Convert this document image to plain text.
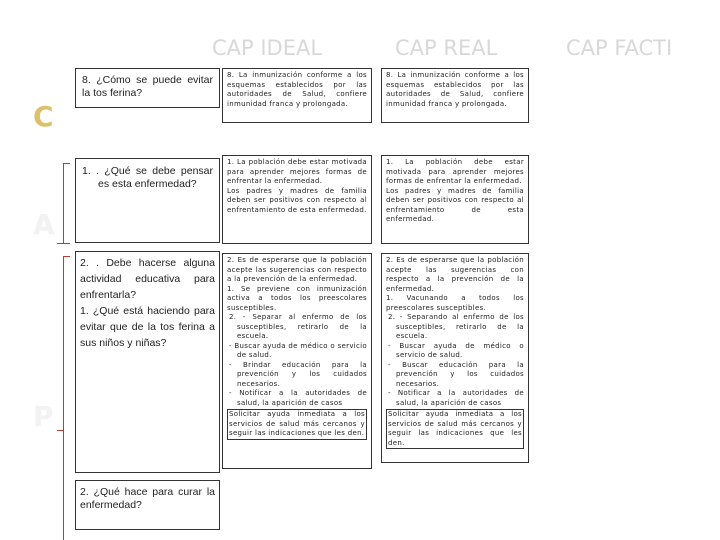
CAP IDEAL	CAP REAL	CAP FACTI
C
A
P

8. ¿Cómo se puede evitar la tos ferina?

1. . ¿Qué se debe pensar es esta enfermedad?

2. . Debe hacerse alguna actividad educativa para enfrentarla?

1. ¿Qué está haciendo para evitar que de la tos ferina a sus niños y niñas?

2. ¿Qué hace para curar la enfermedad?

8. La inmunización conforme a los esquemas establecidos por las autoridades de Salud, confiere inmunidad franca y prolongada.

1. La población debe estar motivada para aprender mejores formas de enfrentar la enfermedad.

Los padres y madres de familia deben ser positivos con respecto al enfrentamiento de esta enfermedad.

2. Es de esperarse que la población acepte las sugerencias con respecto a la prevención de la enfermedad.

1. Se previene con inmunización activa a todos los preescolares susceptibles.

2. - Separar al enfermo de los susceptibles, retirarlo de la escuela.

- Buscar ayuda de médico o servicio de salud.

- Brindar educación para la prevención y los cuidados necesarios.

- Notificar a la autoridades de salud, la aparición de casos

Solicitar ayuda inmediata a los servicios de salud más cercanos y seguir las indicaciones que les den.

8. La inmunización conforme a los esquemas establecidos por las autoridades de Salud, confiere inmunidad franca y prolongada.

1. La población debe estar motivada para aprender mejores formas de enfrentar la enfermedad.

Los padres y madres de familia deben ser positivos con respecto al enfrentamiento de esta enfermedad.

2. Es de esperarse que la población acepte las sugerencias con respecto a la prevención de la enfermedad.

1. Vacunando a todos los preescolares susceptibles.

2. - Separando al enfermo de los susceptibles, retirarlo de la escuela.

- Buscar ayuda de médico o servicio de salud.

- Buscar educación para la prevención y los cuidados necesarios.

- Notificar a la autoridades de salud, la aparición de casos

Solicitar ayuda inmediata a los servicios de salud más cercanos y seguir las indicaciones que les den.
